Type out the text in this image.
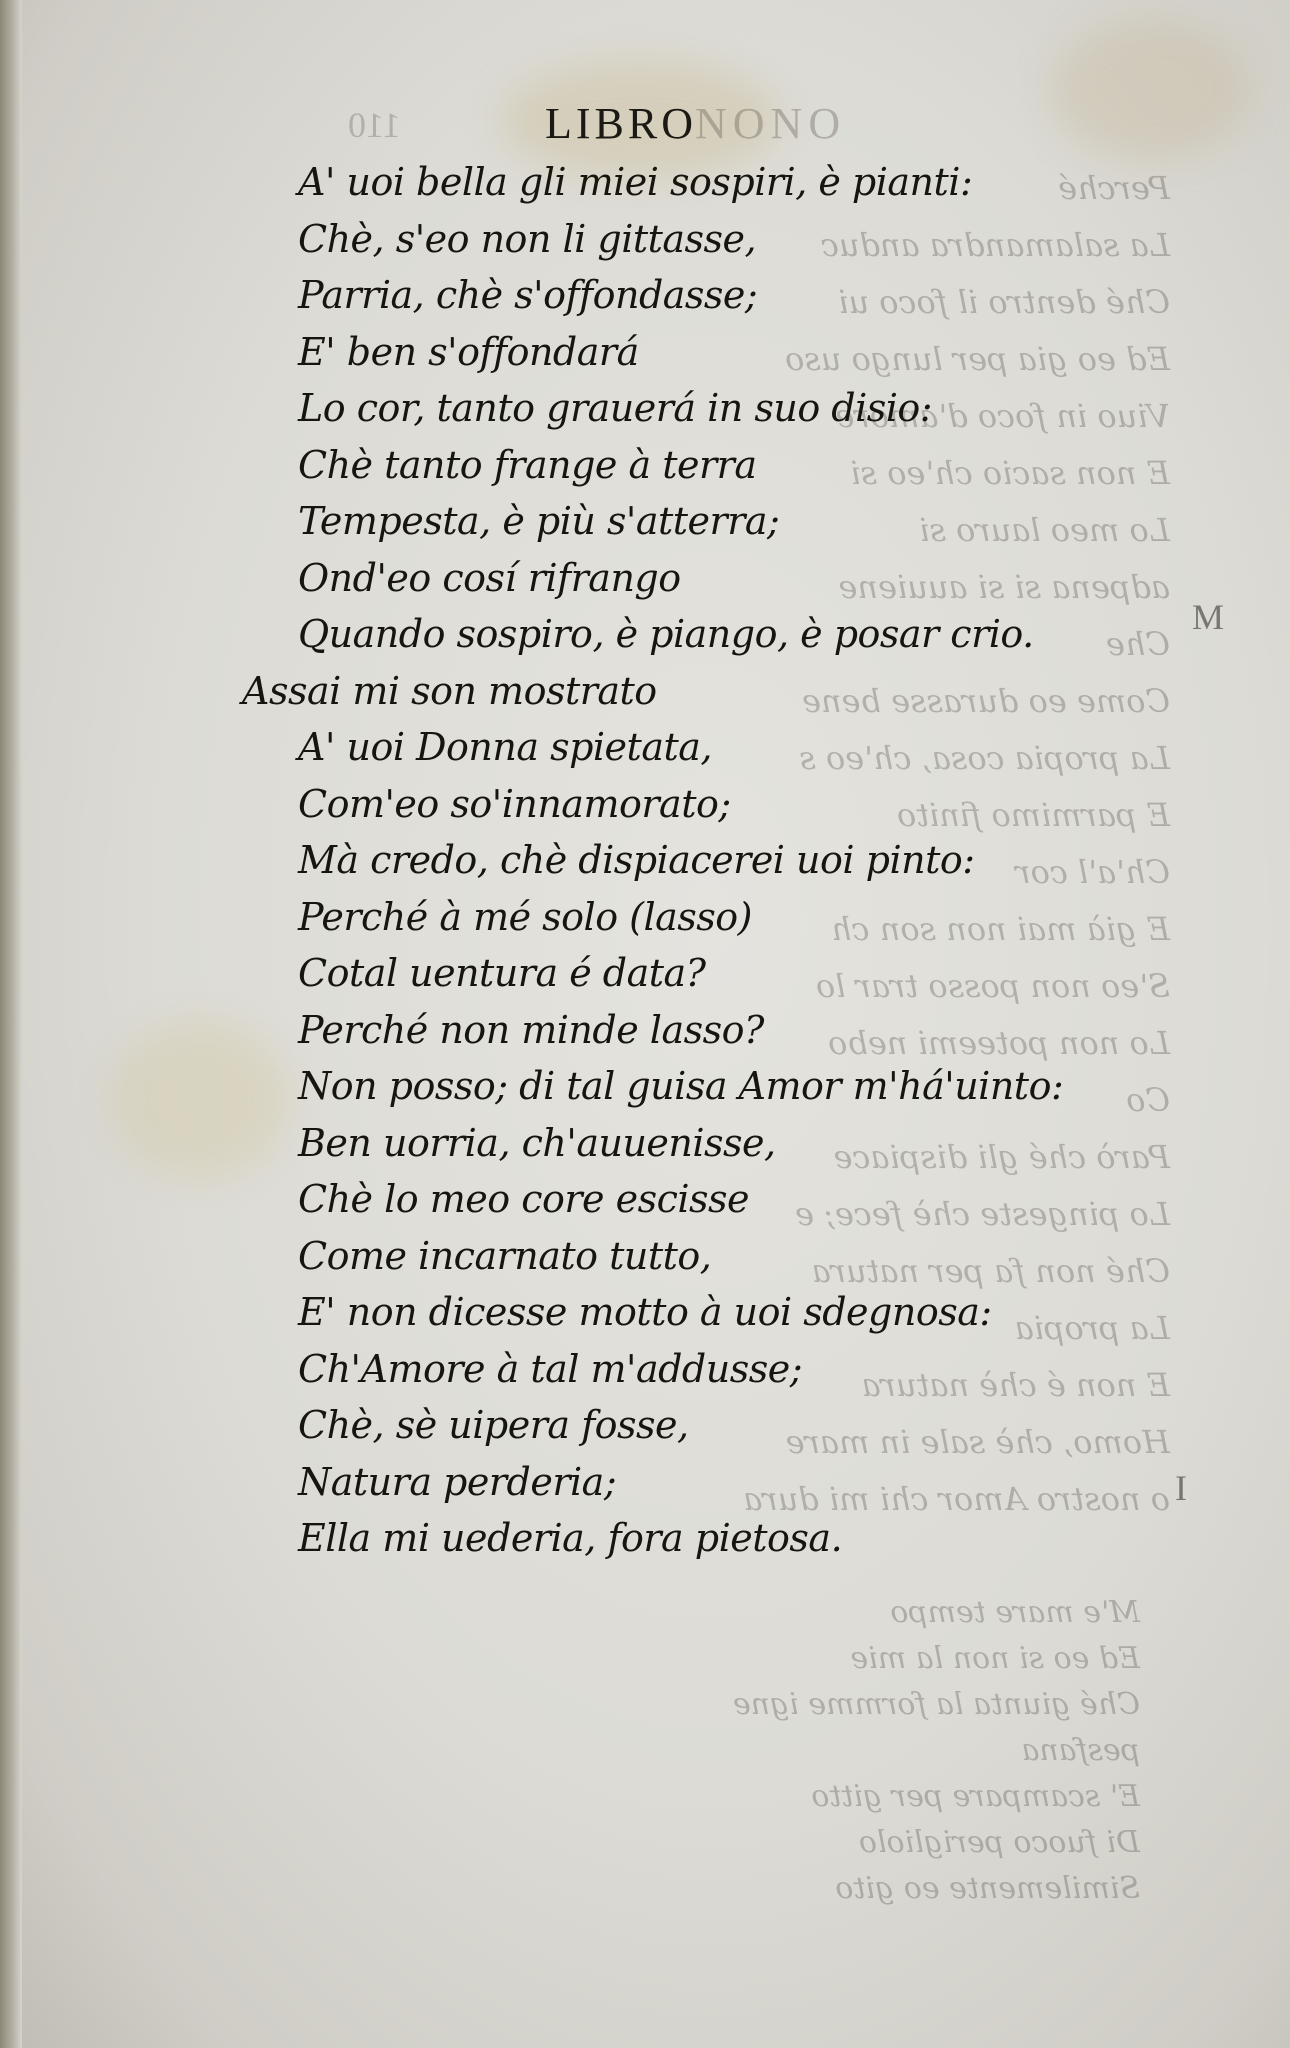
110	LIBRONONO
Perché
La salamandra anduc
Ché dentro il foco ui
Ed eo gia per lungo uso
Viuo in foco d'amore
E non sacio ch'eo si
Lo meo lauro si
adpena si si auuiene
Che
Come eo durasse bene
La propia cosa, ch'eo s
E parmimo finito
Ch'a'l cor
E già mai non son ch
S'eo non posso trar lo
Lo non poteemi nebo
Co
Parò ché gli dispiace
Lo pingeste chè fece; e
Ché non fa per natura
La propia
E non é chè natura
Homo, chè sale in mare
o nostro Amor chi mi dura
M'e mare tempo
Ed eo si non la mie
Ché giunta la formme igne pesfana
E' scampare per gitto
Di fuoco perigliolo
Similemente eo gito
M
I
A' uoi bella gli miei sospiri, è pianti:
Chè, s'eo non li gittasse,
Parria, chè s'offondasse;
E' ben s'offondará
Lo cor, tanto grauerá in suo disio:
Chè tanto frange à terra
Tempesta, è più s'atterra;
Ond'eo cosí rifrango
Quando sospiro, è piango, è posar crio.
Assai mi son mostrato
A' uoi Donna spietata,
Com'eo so'innamorato;
Mà credo, chè dispiacerei uoi pinto:
Perché à mé solo (lasso)
Cotal uentura é data?
Perché non minde lasso?
Non posso; di tal guisa Amor m'há'uinto:
Ben uorria, ch'auuenisse,
Chè lo meo core escisse
Come incarnato tutto,
E' non dicesse motto à uoi sdegnosa:
Ch'Amore à tal m'addusse;
Chè, sè uipera fosse,
Natura perderia;
Ella mi uederia, fora pietosa.
